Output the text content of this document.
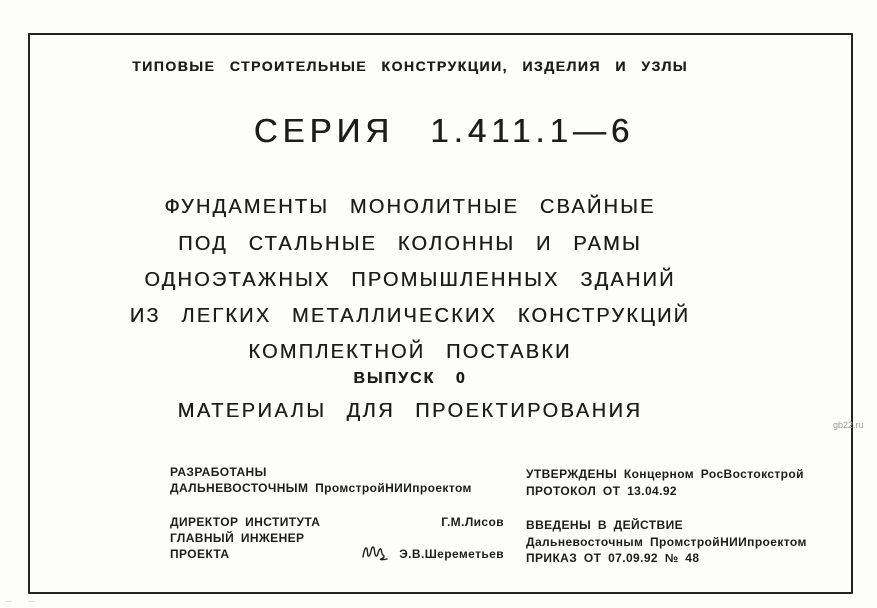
ТИПОВЫЕ СТРОИТЕЛЬНЫЕ КОНСТРУКЦИИ, ИЗДЕЛИЯ И УЗЛЫ
СЕРИЯ 1.411.1—6
ФУНДАМЕНТЫ МОНОЛИТНЫЕ СВАЙНЫЕ
ПОД СТАЛЬНЫЕ КОЛОННЫ И РАМЫ
ОДНОЭТАЖНЫХ ПРОМЫШЛЕННЫХ ЗДАНИЙ
ИЗ ЛЕГКИХ МЕТАЛЛИЧЕСКИХ КОНСТРУКЦИЙ
КОМПЛЕКТНОЙ ПОСТАВКИ
ВЫПУСК 0
МАТЕРИАЛЫ ДЛЯ ПРОЕКТИРОВАНИЯ
РАЗРАБОТАНЫ
ДАЛЬНЕВОСТОЧНЫМ ПромстройНИИпроектом
ДИРЕКТОР ИНСТИТУТА	Г.М.Лисов
ГЛАВНЫЙ ИНЖЕНЕР ПРОЕКТА	Э.В.Шереметьев
УТВЕРЖДЕНЫ Концерном РосВостокстрой
ПРОТОКОЛ ОТ 13.04.92
ВВЕДЕНЫ В ДЕЙСТВИЕ
Дальневосточным ПромстройНИИпроектом
ПРИКАЗ ОТ 07.09.92 № 48
gb22.ru
– –
